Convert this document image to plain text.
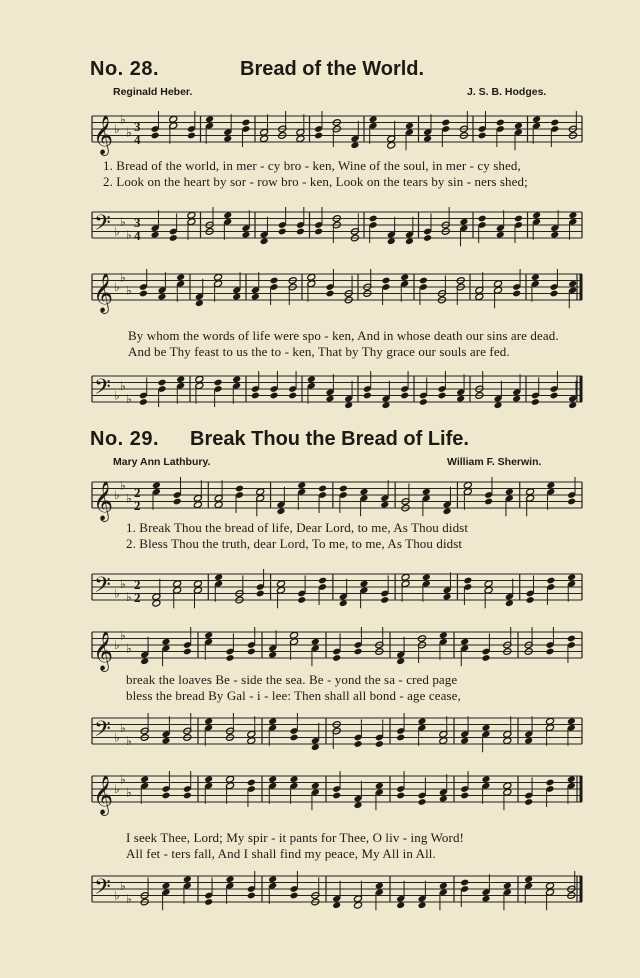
No. 28.	Bread of the World.
Reginald Heber.	J. S. B. Hodges.
𝄞 ♭
♭
♭ 3
4
1. Bread of the world, in mer - cy bro - ken, Wine of the soul, in mer - cy shed,
2. Look on the heart by sor - row bro - ken, Look on the tears by sin - ners shed;
𝄢 ♭
♭
♭
3
4
𝄞 ♭
♭
♭
By whom the words of life were spo - ken, And in whose death our sins are dead.
And be Thy feast to us the to - ken, That by Thy grace our souls are fed.
𝄢 ♭
♭
♭
No. 29. Break Thou the Bread of Life.
Mary Ann Lathbury.	William F. Sherwin.
𝄞 ♭
♭
♭ 2
2
1. Break Thou the bread of life, Dear Lord, to me, As Thou didst
2. Bless Thou the truth, dear Lord, To me, to me, As Thou didst
𝄢 ♭
♭
♭
2
2
𝄞 ♭
♭
♭
break the loaves Be - side the sea. Be - yond the sa - cred page
bless the bread By Gal - i - lee: Then shall all bond - age cease,
𝄢 ♭
♭
♭
𝄞 ♭
♭
♭
I seek Thee, Lord; My spir - it pants for Thee, O liv - ing Word!
All fet - ters fall, And I shall find my peace, My All in All.
𝄢 ♭
♭
♭
